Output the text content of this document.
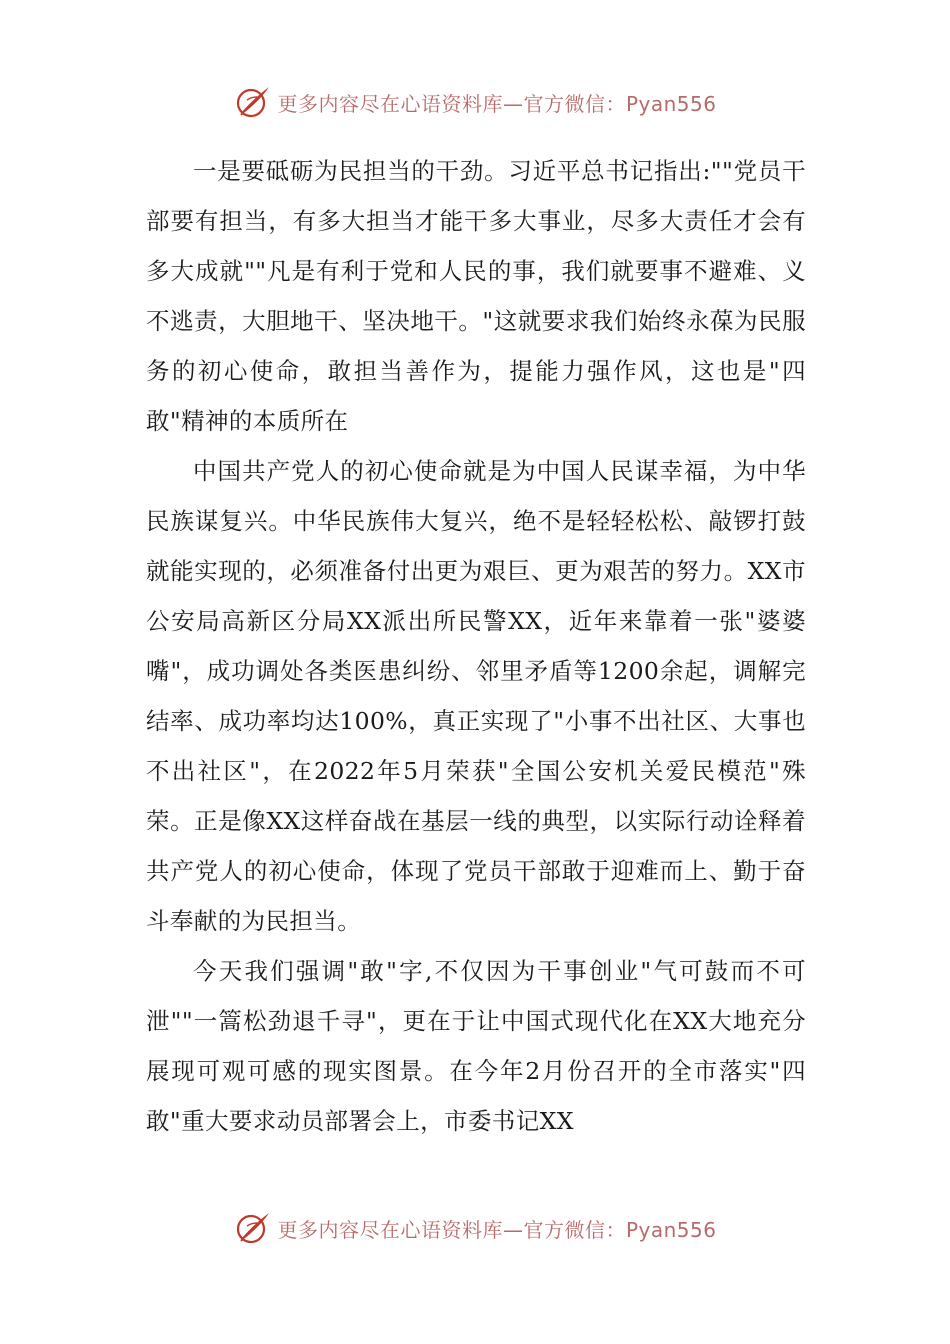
更多内容尽在心语资料库—官方微信：Pyan556

一是要砥砺为民担当的干劲。习近平总书记指出:""党员干部要有担当，有多大担当才能干多大事业，尽多大责任才会有多大成就""凡是有利于党和人民的事，我们就要事不避难、义不逃责，大胆地干、坚决地干。"这就要求我们始终永葆为民服务的初心使命，敢担当善作为，提能力强作风，这也是"四敢"精神的本质所在

中国共产党人的初心使命就是为中国人民谋幸福，为中华民族谋复兴。中华民族伟大复兴，绝不是轻轻松松、敲锣打鼓就能实现的，必须准备付出更为艰巨、更为艰苦的努力。XX市公安局高新区分局XX派出所民警XX，近年来靠着一张"婆婆嘴"，成功调处各类医患纠纷、邻里矛盾等1200余起，调解完结率、成功率均达100%，真正实现了"小事不出社区、大事也不出社区"，在2022年5月荣获"全国公安机关爱民模范"殊荣。正是像XX这样奋战在基层一线的典型，以实际行动诠释着共产党人的初心使命，体现了党员干部敢于迎难而上、勤于奋斗奉献的为民担当。

今天我们强调"敢"字,不仅因为干事创业"气可鼓而不可泄""一篙松劲退千寻"，更在于让中国式现代化在XX大地充分展现可观可感的现实图景。在今年2月份召开的全市落实"四敢"重大要求动员部署会上，市委书记XX

更多内容尽在心语资料库—官方微信：Pyan556
